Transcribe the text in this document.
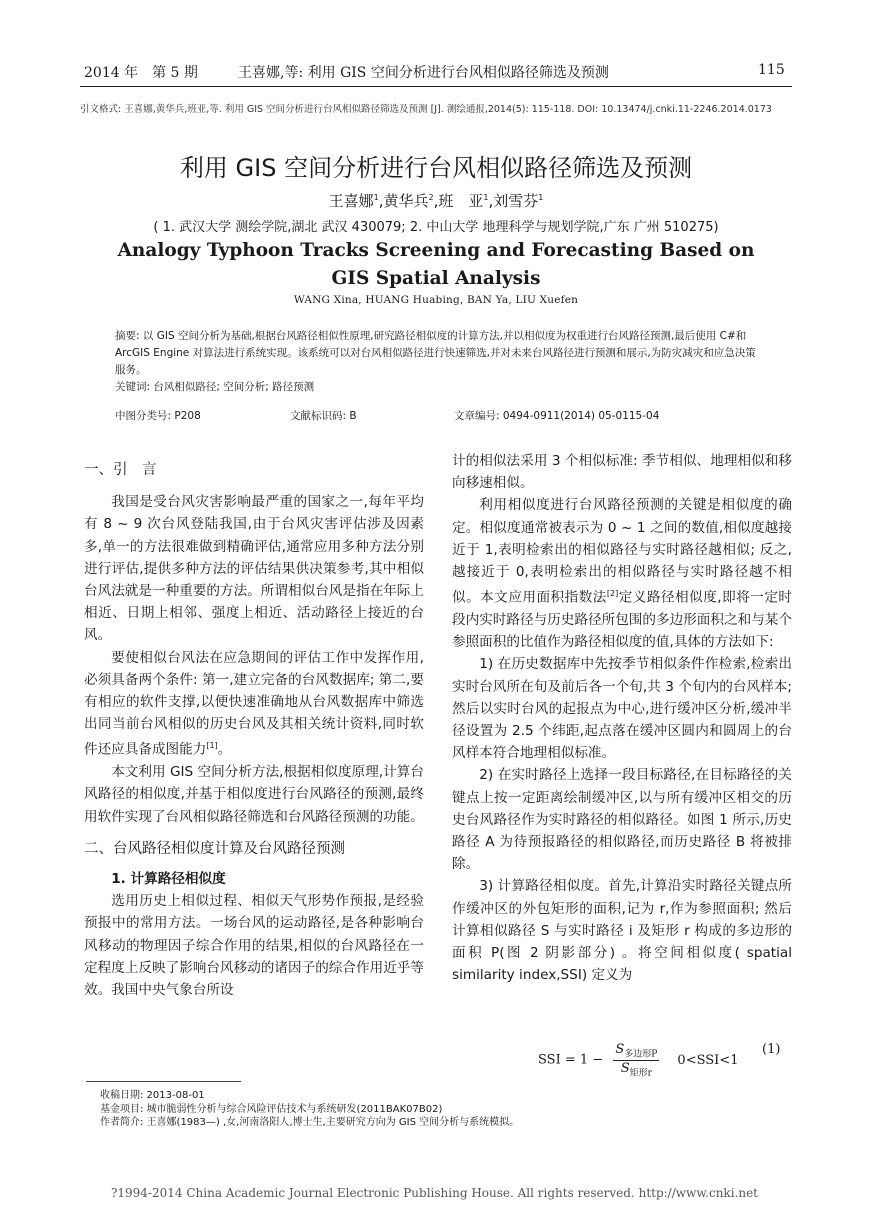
2014 年　第 5 期	王喜娜,等: 利用 GIS 空间分析进行台风相似路径筛选及预测	115
引文格式: 王喜娜,黄华兵,班亚,等. 利用 GIS 空间分析进行台风相似路径筛选及预测 [J]. 测绘通报,2014(5): 115-118. DOI: 10.13474/j.cnki.11-2246.2014.0173
利用 GIS 空间分析进行台风相似路径筛选及预测
王喜娜$^1$,黄华兵$^2$,班　亚$^1$,刘雪芬$^1$
( 1. 武汉大学 测绘学院,湖北 武汉 430079; 2. 中山大学 地理科学与规划学院,广东 广州 510275)
Analogy Typhoon Tracks Screening and Forecasting Based on
GIS Spatial Analysis
WANG Xina, HUANG Huabing, BAN Ya, LIU Xuefen
摘要: 以 GIS 空间分析为基础,根据台风路径相似性原理,研究路径相似度的计算方法,并以相似度为权重进行台风路径预测,最后使用 C#和 ArcGIS Engine 对算法进行系统实现。该系统可以对台风相似路径进行快速筛选,并对未来台风路径进行预测和展示,为防灾减灾和应急决策服务。
关键词: 台风相似路径; 空间分析; 路径预测
中图分类号: P208	文献标识码: B	文章编号: 0494-0911(2014) 05-0115-04

一、引　言

我国是受台风灾害影响最严重的国家之一,每年平均有 8 ~ 9 次台风登陆我国,由于台风灾害评估涉及因素多,单一的方法很难做到精确评估,通常应用多种方法分别进行评估,提供多种方法的评估结果供决策参考,其中相似台风法就是一种重要的方法。所谓相似台风是指在年际上相近、日期上相邻、强度上相近、活动路径上接近的台风。

要使相似台风法在应急期间的评估工作中发挥作用,必须具备两个条件: 第一,建立完备的台风数据库; 第二,要有相应的软件支撑,以便快速准确地从台风数据库中筛选出同当前台风相似的历史台风及其相关统计资料,同时软件还应具备成图能力[1]。

本文利用 GIS 空间分析方法,根据相似度原理,计算台风路径的相似度,并基于相似度进行台风路径的预测,最终用软件实现了台风相似路径筛选和台风路径预测的功能。

二、台风路径相似度计算及台风路径预测

1. 计算路径相似度

选用历史上相似过程、相似天气形势作预报,是经验预报中的常用方法。一场台风的运动路径,是各种影响台风移动的物理因子综合作用的结果,相似的台风路径在一定程度上反映了影响台风移动的诸因子的综合作用近乎等效。我国中央气象台所设

计的相似法采用 3 个相似标准: 季节相似、地理相似和移向移速相似。

利用相似度进行台风路径预测的关键是相似度的确定。相似度通常被表示为 0 ~ 1 之间的数值,相似度越接近于 1,表明检索出的相似路径与实时路径越相似; 反之,越接近于 0,表明检索出的相似路径与实时路径越不相似。本文应用面积指数法[2]定义路径相似度,即将一定时段内实时路径与历史路径所包围的多边形面积之和与某个参照面积的比值作为路径相似度的值,具体的方法如下:

1) 在历史数据库中先按季节相似条件作检索,检索出实时台风所在旬及前后各一个旬,共 3 个旬内的台风样本; 然后以实时台风的起报点为中心,进行缓冲区分析,缓冲半径设置为 2.5 个纬距,起点落在缓冲区圆内和圆周上的台风样本符合地理相似标准。

2) 在实时路径上选择一段目标路径,在目标路径的关键点上按一定距离绘制缓冲区,以与所有缓冲区相交的历史台风路径作为实时路径的相似路径。如图 1 所示,历史路径 A 为待预报路径的相似路径,而历史路径 B 将被排除。

3) 计算路径相似度。首先,计算沿实时路径关键点所作缓冲区的外包矩形的面积,记为 r,作为参照面积; 然后计算相似路径 S 与实时路径 i 及矩形 r 构成的多边形的面积 P(图 2 阴影部分) 。将空间相似度( spatial similarity index,SSI) 定义为

SSI = $1 - \frac{S_{多边形P}}{S_{矩形r}} 0<SSI<1$
(1)
收稿日期: 2013-08-01
基金项目: 城市脆弱性分析与综合风险评估技术与系统研发(2011BAK07B02)
作者简介: 王喜娜(1983—) ,女,河南洛阳人,博士生,主要研究方向为 GIS 空间分析与系统模拟。
?1994-2014 China Academic Journal Electronic Publishing House. All rights reserved. http://www.cnki.net
